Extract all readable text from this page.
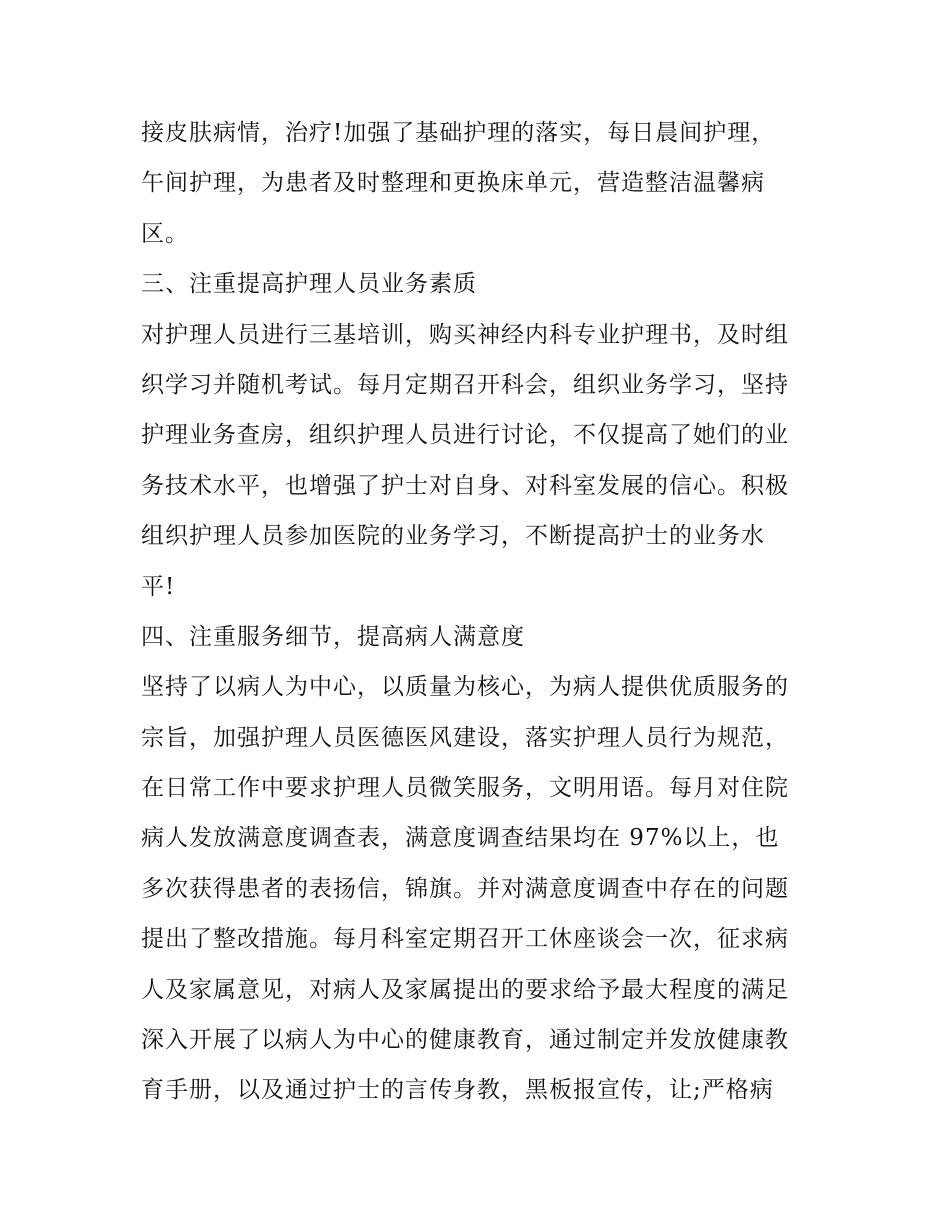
接皮肤病情，治疗!加强了基础护理的落实，每日晨间护理，
午间护理，为患者及时整理和更换床单元，营造整洁温馨病
区。
三、注重提高护理人员业务素质
对护理人员进行三基培训，购买神经内科专业护理书，及时组
织学习并随机考试。每月定期召开科会，组织业务学习，坚持
护理业务查房，组织护理人员进行讨论，不仅提高了她们的业
务技术水平，也增强了护士对自身、对科室发展的信心。积极
组织护理人员参加医院的业务学习，不断提高护士的业务水
平!
四、注重服务细节，提高病人满意度
坚持了以病人为中心，以质量为核心，为病人提供优质服务的
宗旨，加强护理人员医德医风建设，落实护理人员行为规范，
在日常工作中要求护理人员微笑服务，文明用语。每月对住院
病人发放满意度调查表，满意度调查结果均在 97%以上，也
多次获得患者的表扬信，锦旗。并对满意度调查中存在的问题
提出了整改措施。每月科室定期召开工休座谈会一次，征求病
人及家属意见，对病人及家属提出的要求给予最大程度的满足
深入开展了以病人为中心的健康教育，通过制定并发放健康教
育手册，以及通过护士的言传身教，黑板报宣传，让;严格病
